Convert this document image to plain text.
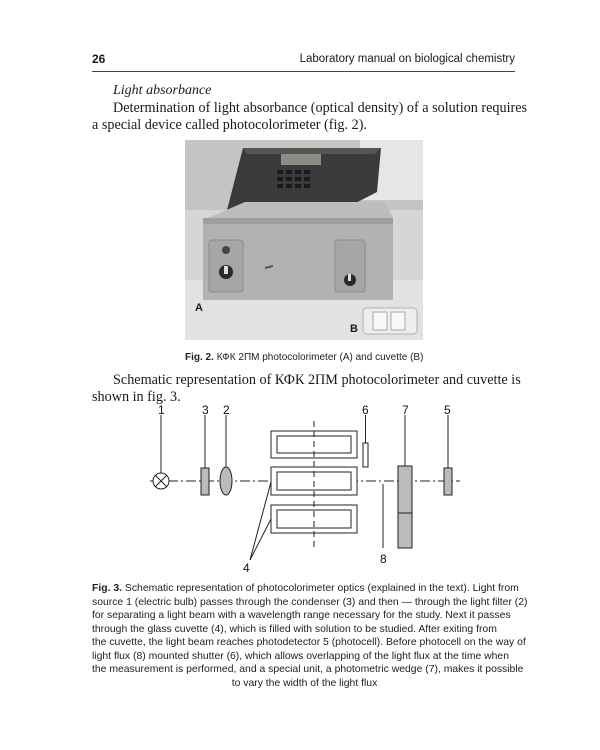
26	Laboratory manual on biological chemistry
Light absorbance
Determination of light absorbance (optical density) of a solution requires
a special device called photocolorimeter (fig. 2).
A
B
Fig. 2. КФК 2ПМ photocolorimeter (A) and cuvette (B)
Schematic representation of КФК 2ПМ photocolorimeter and cuvette is
shown in fig. 3.
1	3 2	6	7	5
4
8
Fig. 3. Schematic representation of photocolorimeter optics (explained in the text). Light from
source 1 (electric bulb) passes through the condenser (3) and then — through the light filter (2)
for separating a light beam with a wavelength range necessary for the study. Next it passes
through the glass cuvette (4), which is filled with solution to be studied. After exiting from
the cuvette, the light beam reaches photodetector 5 (photocell). Before photocell on the way of
light flux (8) mounted shutter (6), which allows overlapping of the light flux at the time when
the measurement is performed, and a special unit, a photometric wedge (7), makes it possible
to vary the width of the light flux
